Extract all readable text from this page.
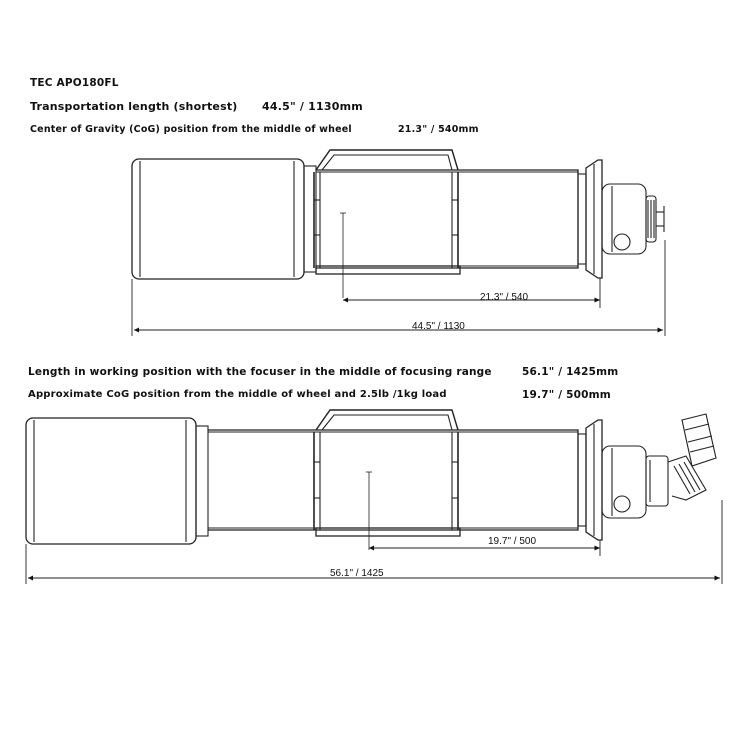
TEC APO180FL
Transportation length (shortest) 44.5" / 1130mm
Center of Gravity (CoG) position from the middle of wheel	21.3" / 540mm
Length in working position with the focuser in the middle of focusing range	56.1" / 1425mm
Approximate CoG position from the middle of wheel and 2.5lb /1kg load	19.7" / 500mm
21.3" / 540
44.5" / 1130
19.7" / 500
56.1" / 1425
